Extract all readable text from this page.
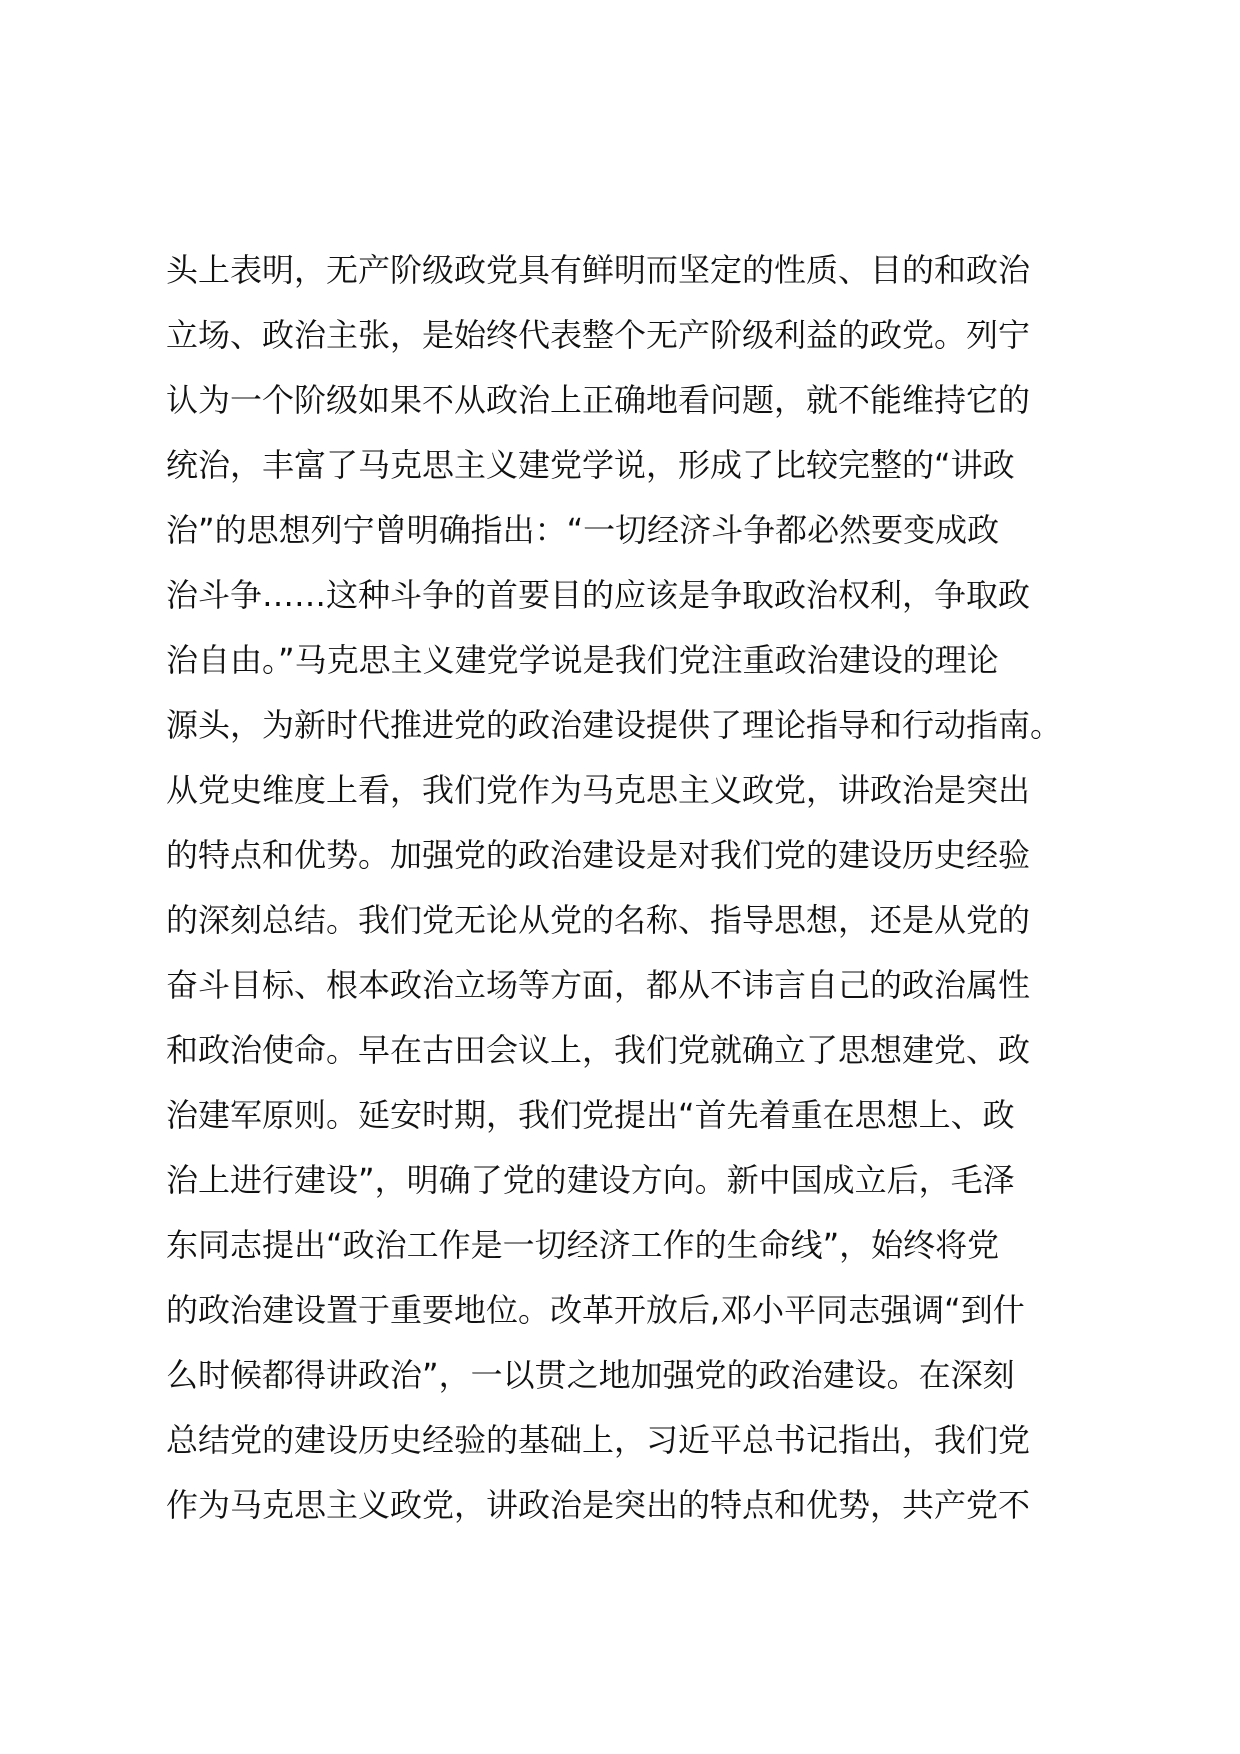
头上表明，无产阶级政党具有鲜明而坚定的性质、目的和政治
立场、政治主张，是始终代表整个无产阶级利益的政党。列宁
认为一个阶级如果不从政治上正确地看问题，就不能维持它的
统治，丰富了马克思主义建党学说，形成了比较完整的“讲政
治”的思想列宁曾明确指出：“一切经济斗争都必然要变成政
治斗争……这种斗争的首要目的应该是争取政治权利，争取政
治自由。”马克思主义建党学说是我们党注重政治建设的理论
源头，为新时代推进党的政治建设提供了理论指导和行动指南。
从党史维度上看，我们党作为马克思主义政党，讲政治是突出
的特点和优势。加强党的政治建设是对我们党的建设历史经验
的深刻总结。我们党无论从党的名称、指导思想，还是从党的
奋斗目标、根本政治立场等方面，都从不讳言自己的政治属性
和政治使命。早在古田会议上，我们党就确立了思想建党、政
治建军原则。延安时期，我们党提出“首先着重在思想上、政
治上进行建设”，明确了党的建设方向。新中国成立后，毛泽
东同志提出“政治工作是一切经济工作的生命线”，始终将党
的政治建设置于重要地位。改革开放后,邓小平同志强调“到什
么时候都得讲政治”，一以贯之地加强党的政治建设。在深刻
总结党的建设历史经验的基础上，习近平总书记指出，我们党
作为马克思主义政党，讲政治是突出的特点和优势，共产党不
